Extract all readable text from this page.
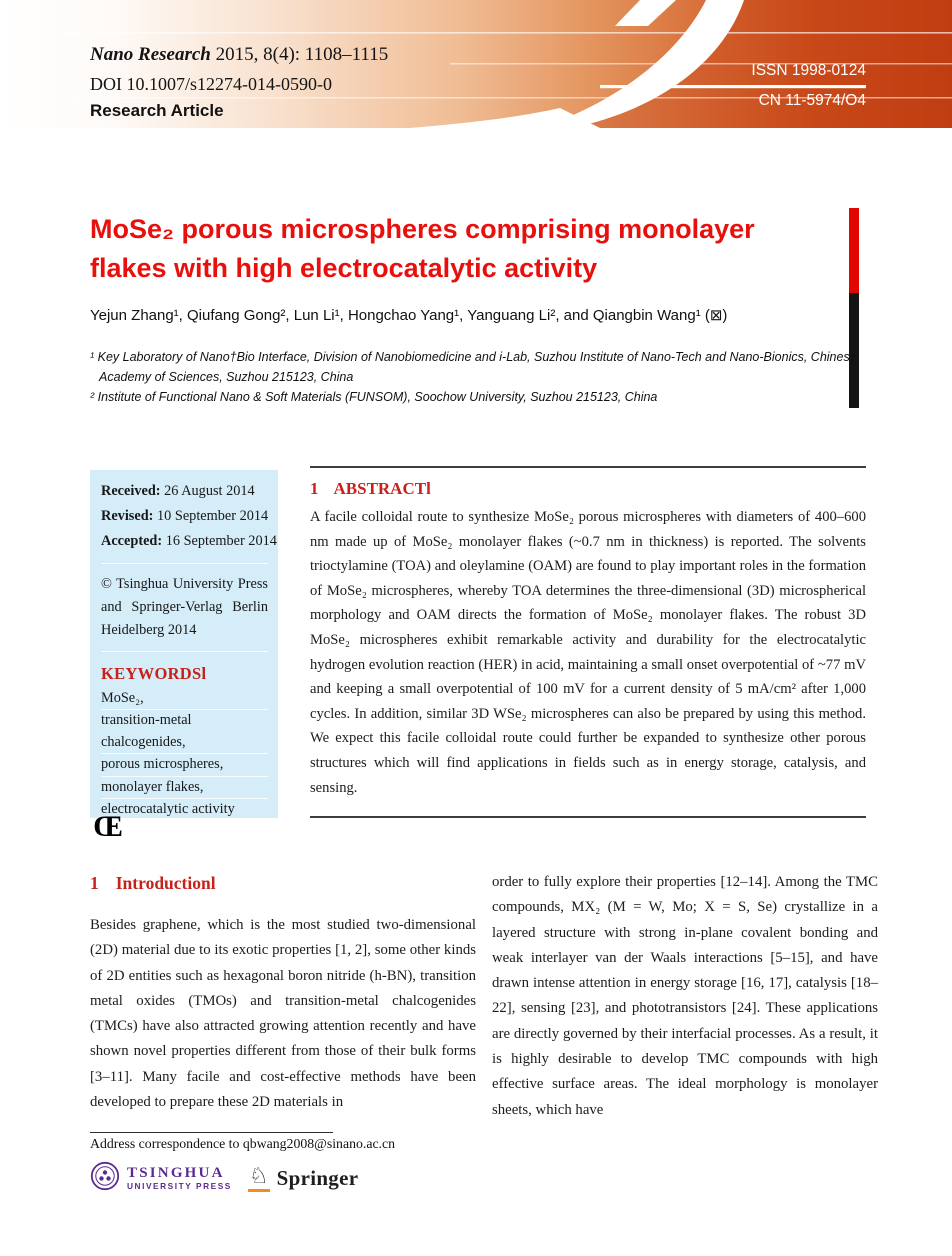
Nano Research 2015, 8(4): 1108–1115
DOI 10.1007/s12274-014-0590-0
Research Article
ISSN 1998-0124
CN 11-5974/O4
MoSe₂ porous microspheres comprising monolayer
flakes with high electrocatalytic activity
Yejun Zhang¹, Qiufang Gong², Lun Li¹, Hongchao Yang¹, Yanguang Li², and Qiangbin Wang¹ (⊠)
¹ Key Laboratory of Nano†Bio Interface, Division of Nanobiomedicine and i-Lab, Suzhou Institute of Nano-Tech and Nano-Bionics, Chinese Academy of Sciences, Suzhou 215123, China
² Institute of Functional Nano & Soft Materials (FUNSOM), Soochow University, Suzhou 215123, China
Received: 26 August 2014
Revised: 10 September 2014
Accepted: 16 September 2014

© Tsinghua University Press and Springer-Verlag Berlin Heidelberg 2014

KEYWORDSl
MoSe₂,
transition-metal chalcogenides,
porous microspheres,
monolayer flakes,
electrocatalytic activity
Œ
1 ABSTRACTl

A facile colloidal route to synthesize MoSe₂ porous microspheres with diameters of 400–600 nm made up of MoSe₂ monolayer flakes (~0.7 nm in thickness) is reported. The solvents trioctylamine (TOA) and oleylamine (OAM) are found to play important roles in the formation of MoSe₂ microspheres, whereby TOA determines the three-dimensional (3D) microspherical morphology and OAM directs the formation of MoSe₂ monolayer flakes. The robust 3D MoSe₂ microspheres exhibit remarkable activity and durability for the electrocatalytic hydrogen evolution reaction (HER) in acid, maintaining a small onset overpotential of ~77 mV and keeping a small overpotential of 100 mV for a current density of 5 mA/cm² after 1,000 cycles. In addition, similar 3D WSe₂ microspheres can also be prepared by using this method. We expect this facile colloidal route could further be expanded to synthesize other porous structures which will find applications in fields such as in energy storage, catalysis, and sensing.

1 Introductionl

Besides graphene, which is the most studied two-dimensional (2D) material due to its exotic properties [1, 2], some other kinds of 2D entities such as hexagonal boron nitride (h-BN), transition metal oxides (TMOs) and transition-metal chalcogenides (TMCs) have also attracted growing attention recently and have shown novel properties different from those of their bulk forms [3–11]. Many facile and cost-effective methods have been developed to prepare these 2D materials in

order to fully explore their properties [12–14]. Among the TMC compounds, MX₂ (M = W, Mo; X = S, Se) crystallize in a layered structure with strong in-plane covalent bonding and weak interlayer van der Waals interactions [5–15], and have drawn intense attention in energy storage [16, 17], catalysis [18–22], sensing [23], and phototransistors [24]. These applications are directly governed by their interfacial processes. As a result, it is highly desirable to develop TMC compounds with high effective surface areas. The ideal morphology is monolayer sheets, which have

Address correspondence to qbwang2008@sinano.ac.cn
TSINGHUA
UNIVERSITY PRESS ♘ Springer
